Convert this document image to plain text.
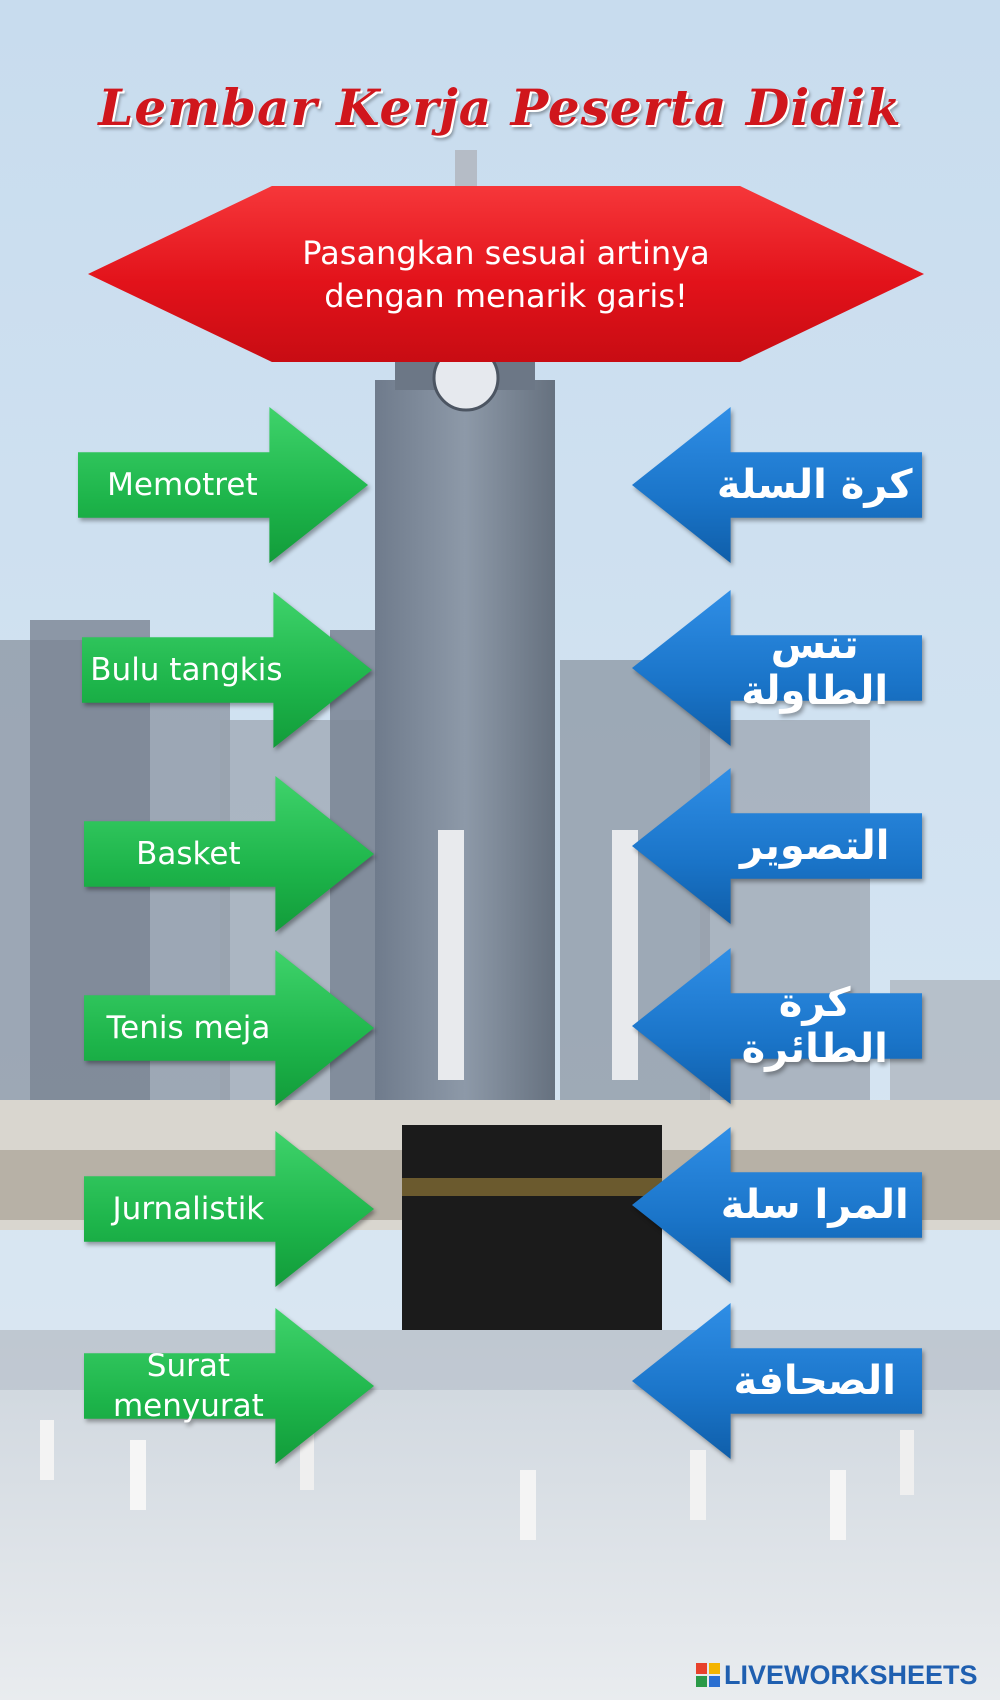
Lembar Kerja Peserta Didik
Pasangkan sesuai artinya dengan menarik garis!
Memotret
Bulu tangkis
Basket
Tenis meja
Jurnalistik
Surat menyurat
كرة السلة
تنس الطاولة
التصوير
كرة الطائرة
المرا سلة
الصحافة
LIVEWORKSHEETS
